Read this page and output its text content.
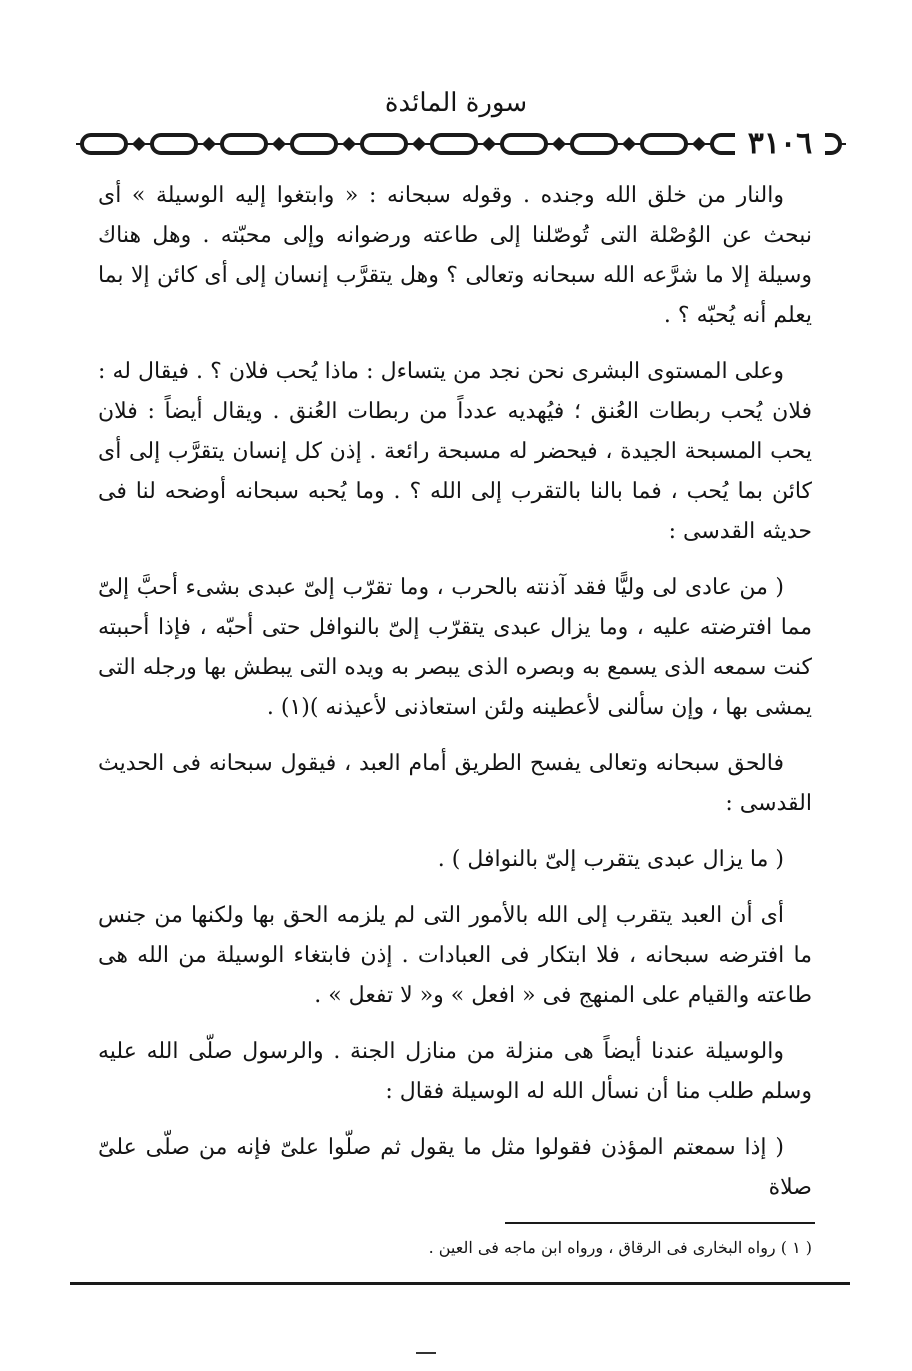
سورة المائدة
٣١٠٦

والنار من خلق الله وجنده . وقوله سبحانه : « وابتغوا إليه الوسيلة » أى نبحث عن الوُصْلة التى تُوصّلنا إلى طاعته ورضوانه وإلى محبّته . وهل هناك وسيلة إلا ما شرَّعه الله سبحانه وتعالى ؟ وهل يتقرَّب إنسان إلى أى كائن إلا بما يعلم أنه يُحبّه ؟ .

وعلى المستوى البشرى نحن نجد من يتساءل : ماذا يُحب فلان ؟ . فيقال له : فلان يُحب ربطات العُنق ؛ فيُهديه عدداً من ربطات العُنق . ويقال أيضاً : فلان يحب المسبحة الجيدة ، فيحضر له مسبحة رائعة . إذن كل إنسان يتقرَّب إلى أى كائن بما يُحب ، فما بالنا بالتقرب إلى الله ؟ . وما يُحبه سبحانه أوضحه لنا فى حديثه القدسى :

( من عادى لى وليًّا فقد آذنته بالحرب ، وما تقرّب إلىّ عبدى بشىء أحبَّ إلىّ مما افترضته عليه ، وما يزال عبدى يتقرّب إلىّ بالنوافل حتى أحبّه ، فإذا أحببته كنت سمعه الذى يسمع به وبصره الذى يبصر به ويده التى يبطش بها ورجله التى يمشى بها ، وإن سألنى لأعطينه ولئن استعاذنى لأعيذنه )(١) .

فالحق سبحانه وتعالى يفسح الطريق أمام العبد ، فيقول سبحانه فى الحديث القدسى :

( ما يزال عبدى يتقرب إلىّ بالنوافل ) .

أى أن العبد يتقرب إلى الله بالأمور التى لم يلزمه الحق بها ولكنها من جنس ما افترضه سبحانه ، فلا ابتكار فى العبادات . إذن فابتغاء الوسيلة من الله هى طاعته والقيام على المنهج فى « افعل » و« لا تفعل » .

والوسيلة عندنا أيضاً هى منزلة من منازل الجنة . والرسول صلّى الله عليه وسلم طلب منا أن نسأل الله له الوسيلة فقال :

( إذا سمعتم المؤذن فقولوا مثل ما يقول ثم صلّوا علىّ فإنه من صلّى علىّ صلاة

( ١ ) رواه البخارى فى الرقاق ، ورواه ابن ماجه فى العين .
